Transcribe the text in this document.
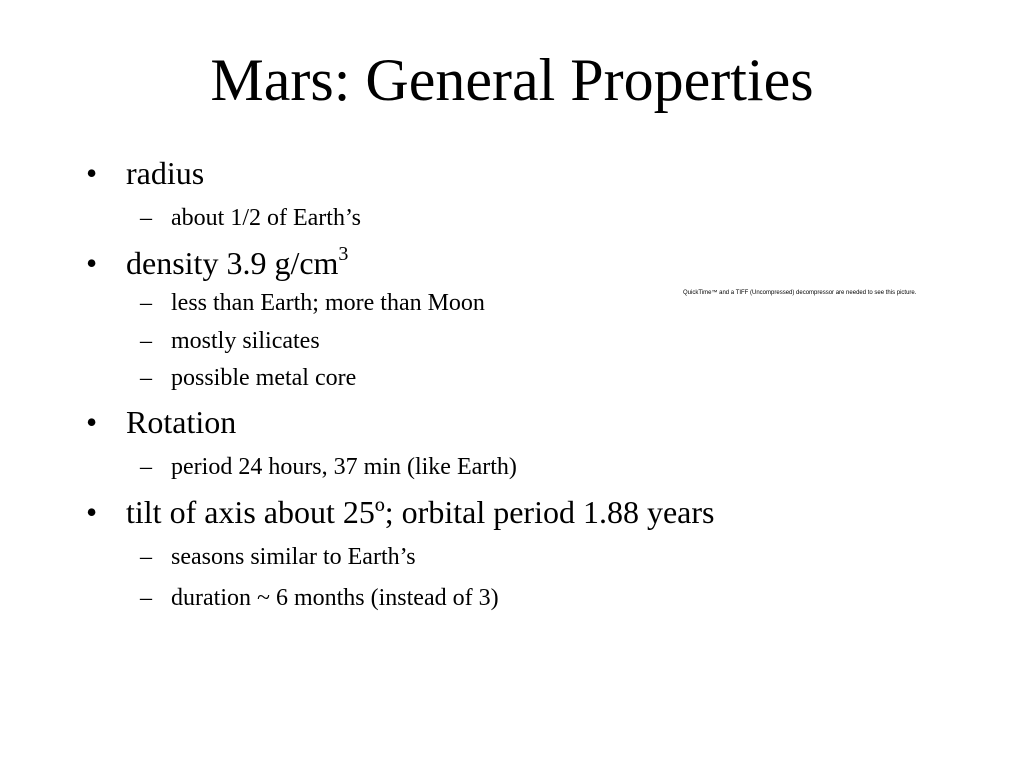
Mars: General Properties
• radius
– about 1/2 of Earth’s
• density 3.9 $g/cm^3$
– less than Earth; more than Moon
– mostly silicates
– possible metal core
• Rotation
– period 24 hours, 37 min (like Earth)
• tilt of axis about 25º; orbital period 1.88 years
– seasons similar to Earth’s
– duration ~ 6 months (instead of 3)
QuickTime™ and a TIFF (Uncompressed) decompressor are needed to see this picture.
